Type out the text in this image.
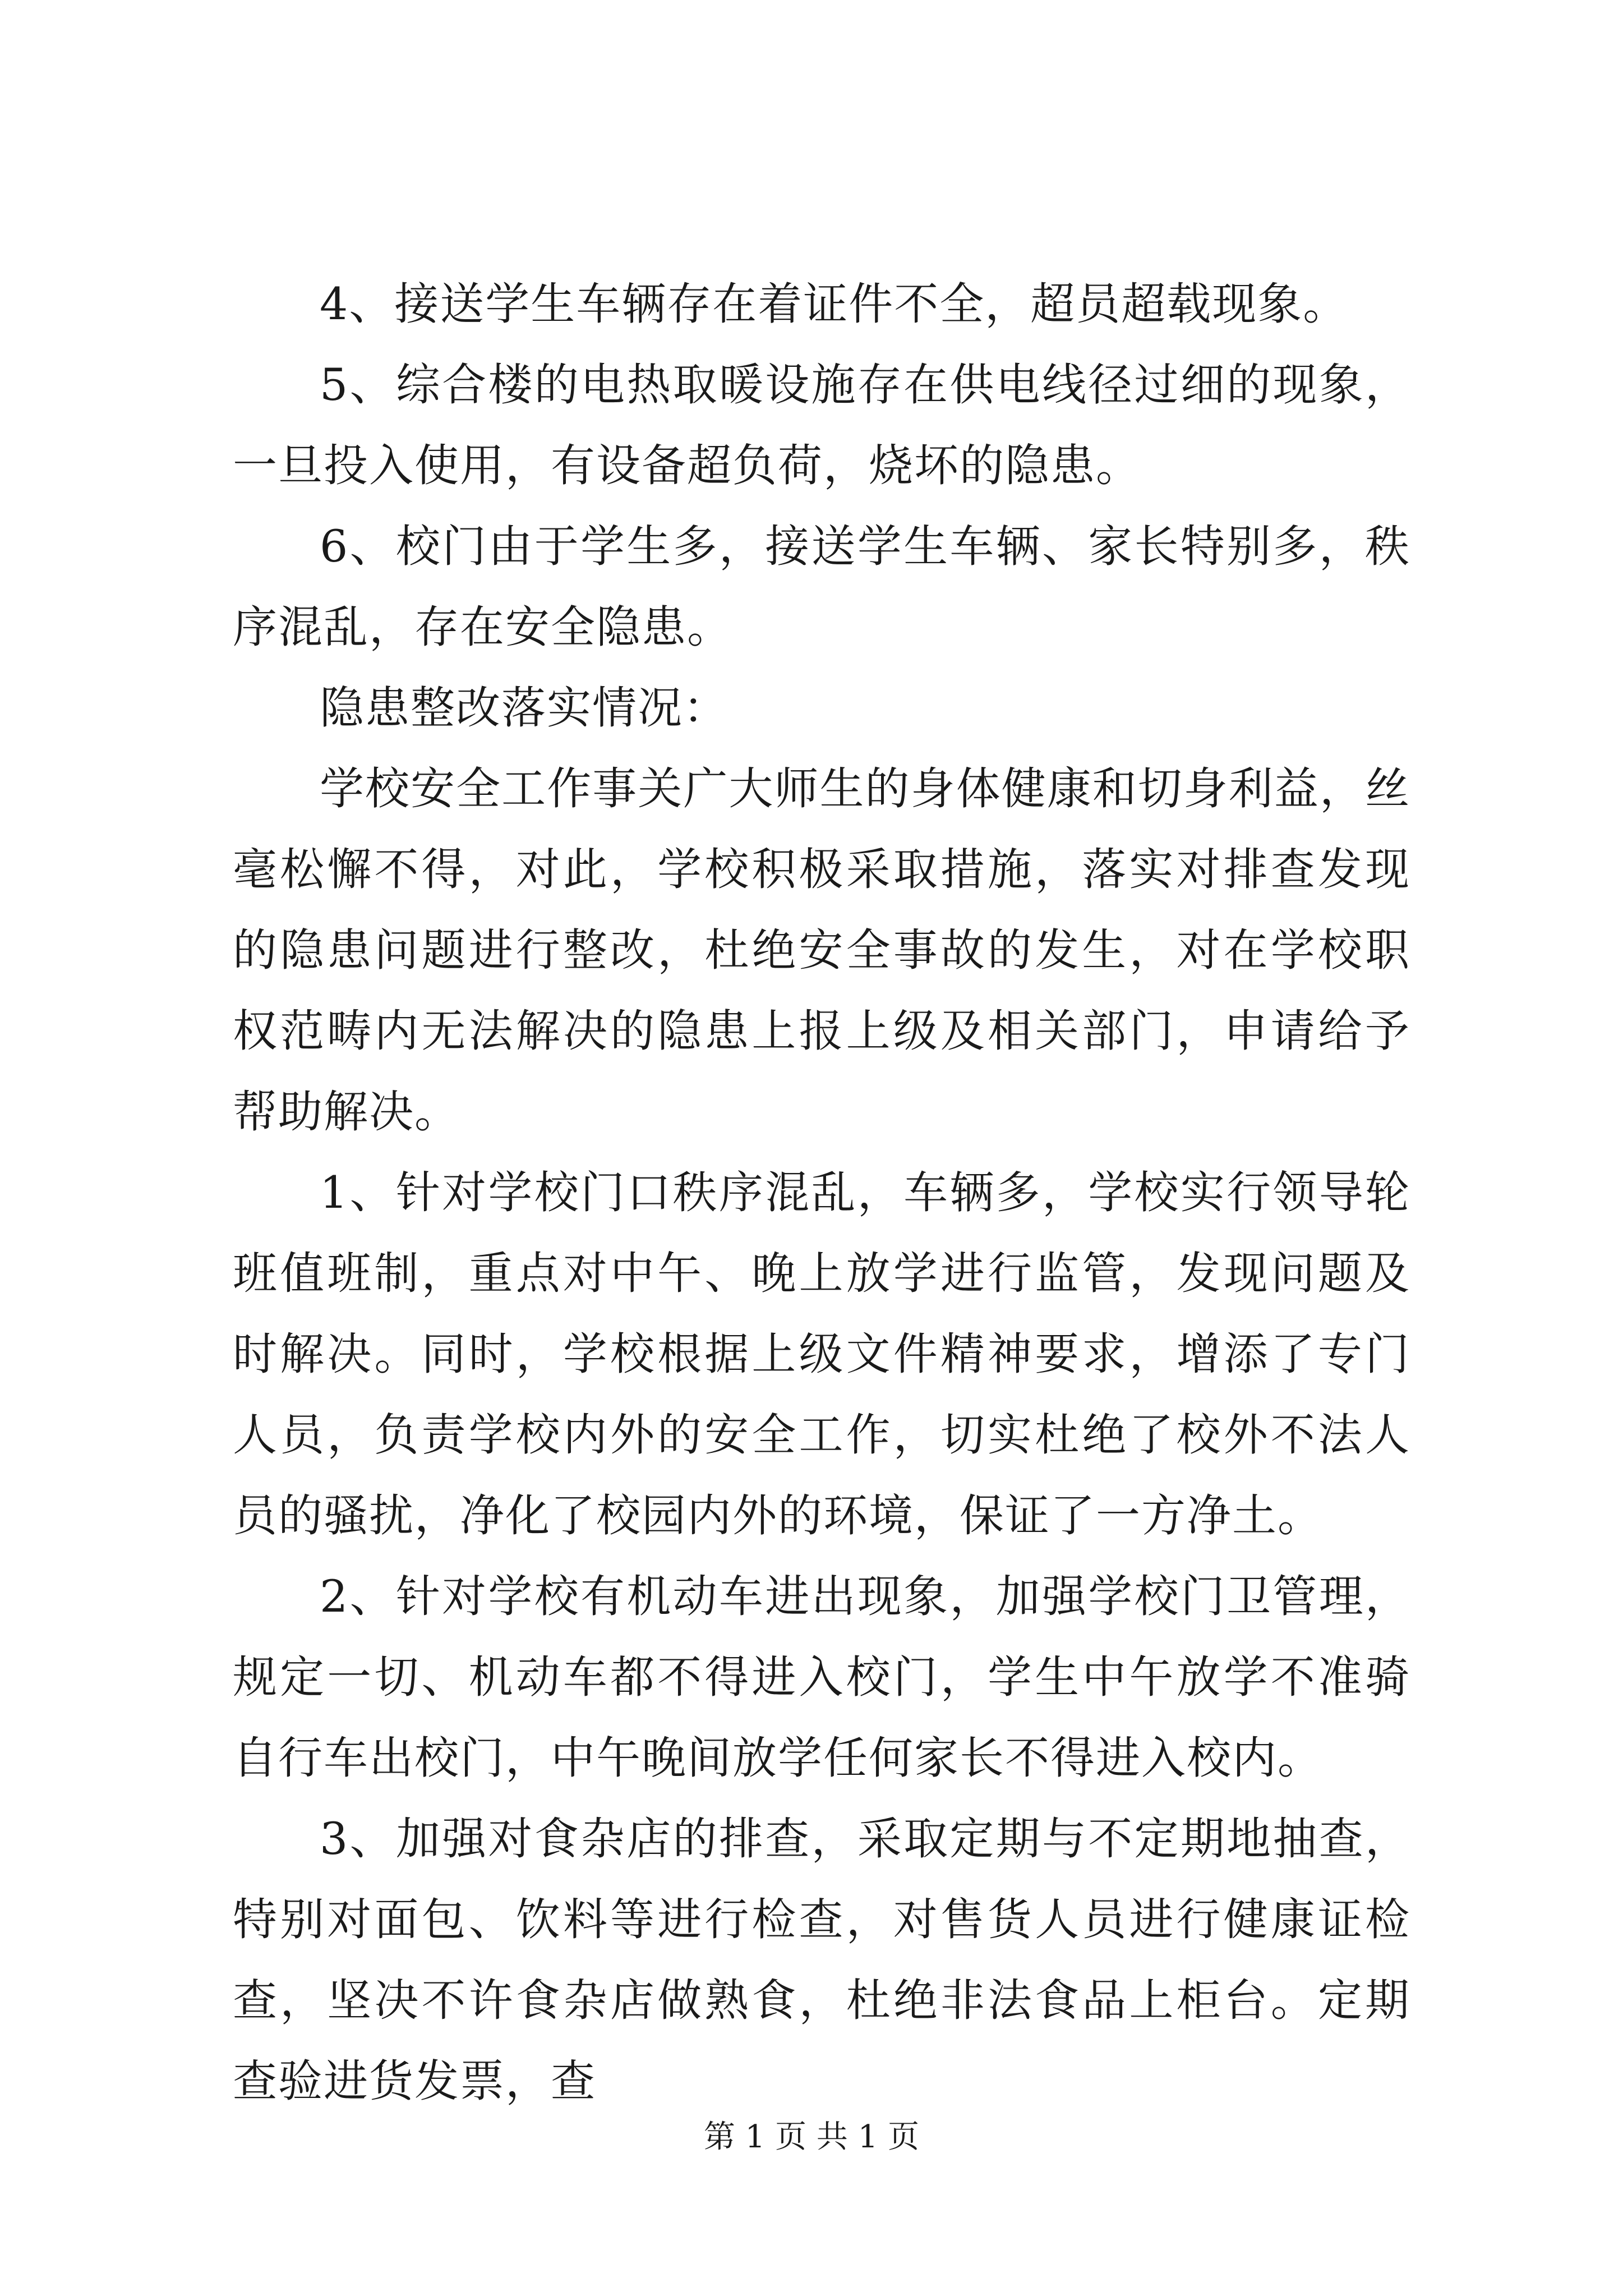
4、接送学生车辆存在着证件不全，超员超载现象。

5、综合楼的电热取暖设施存在供电线径过细的现象，一旦投入使用，有设备超负荷，烧坏的隐患。

6、校门由于学生多，接送学生车辆、家长特别多，秩序混乱，存在安全隐患。

隐患整改落实情况：

学校安全工作事关广大师生的身体健康和切身利益，丝毫松懈不得，对此，学校积极采取措施，落实对排查发现的隐患问题进行整改，杜绝安全事故的发生，对在学校职权范畴内无法解决的隐患上报上级及相关部门，申请给予帮助解决。

1、针对学校门口秩序混乱，车辆多，学校实行领导轮班值班制，重点对中午、晚上放学进行监管，发现问题及时解决。同时，学校根据上级文件精神要求，增添了专门人员，负责学校内外的安全工作，切实杜绝了校外不法人员的骚扰，净化了校园内外的环境，保证了一方净土。

2、针对学校有机动车进出现象，加强学校门卫管理，规定一切、机动车都不得进入校门，学生中午放学不准骑自行车出校门，中午晚间放学任何家长不得进入校内。

3、加强对食杂店的排查，采取定期与不定期地抽查，特别对面包、饮料等进行检查，对售货人员进行健康证检查，坚决不许食杂店做熟食，杜绝非法食品上柜台。定期查验进货发票，查

第 1 页 共 1 页
